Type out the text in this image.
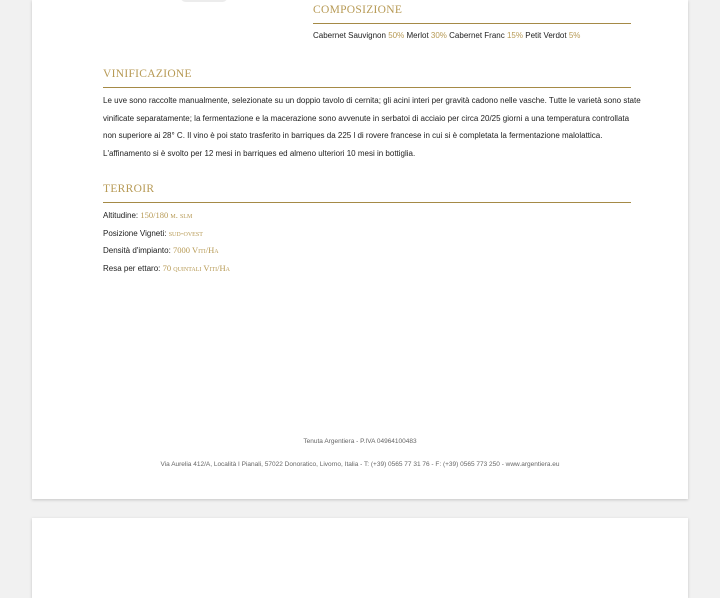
COMPOSIZIONE
Cabernet Sauvignon 50% Merlot 30% Cabernet Franc 15% Petit Verdot 5%
VINIFICAZIONE

Le uve sono raccolte manualmente, selezionate su un doppio tavolo di cernita; gli acini interi per gravità cadono nelle vasche. Tutte le varietà sono state vinificate separatamente; la fermentazione e la macerazione sono avvenute in serbatoi di acciaio per circa 20/25 giorni a una temperatura controllata non superiore ai 28° C. Il vino è poi stato trasferito in barriques da 225 l di rovere francese in cui si è completata la fermentazione malolattica. L'affinamento si è svolto per 12 mesi in barriques ed almeno ulteriori 10 mesi in bottiglia.

TERROIR
Altitudine: 150/180 m. slm
Posizione Vigneti: sud-ovest
Densità d'impianto: 7000 Viti/Ha
Resa per ettaro: 70 quintali Viti/Ha
Tenuta Argentiera - P.IVA 04964100483
Via Aurelia 412/A, Località I Pianali, 57022 Donoratico, Livorno, Italia - T: (+39) 0565 77 31 76 - F: (+39) 0565 773 250 - www.argentiera.eu
